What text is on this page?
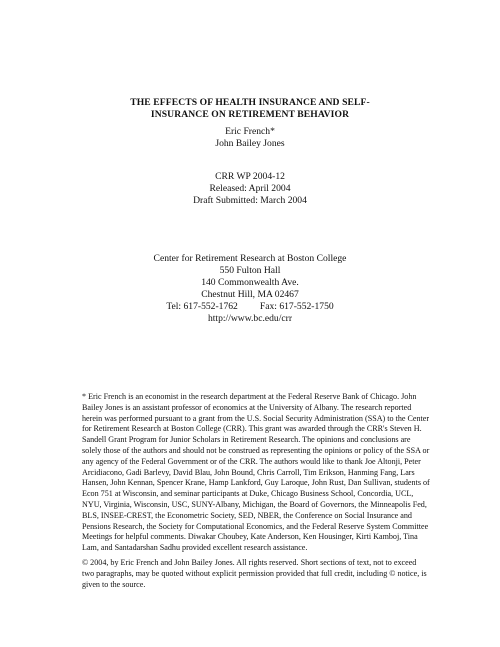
THE EFFECTS OF HEALTH INSURANCE AND SELF-
INSURANCE ON RETIREMENT BEHAVIOR
Eric French*
John Bailey Jones
CRR WP 2004-12
Released: April 2004
Draft Submitted: March 2004
Center for Retirement Research at Boston College
550 Fulton Hall
140 Commonwealth Ave.
Chestnut Hill, MA 02467
Tel: 617-552-1762 Fax: 617-552-1750
http://www.bc.edu/crr
* Eric French is an economist in the research department at the Federal Reserve Bank of Chicago. John
Bailey Jones is an assistant professor of economics at the University of Albany. The research reported
herein was performed pursuant to a grant from the U.S. Social Security Administration (SSA) to the Center
for Retirement Research at Boston College (CRR). This grant was awarded through the CRR's Steven H.
Sandell Grant Program for Junior Scholars in Retirement Research. The opinions and conclusions are
solely those of the authors and should not be construed as representing the opinions or policy of the SSA or
any agency of the Federal Government or of the CRR. The authors would like to thank Joe Altonji, Peter
Arcidiacono, Gadi Barlevy, David Blau, John Bound, Chris Carroll, Tim Erikson, Hanming Fang, Lars
Hansen, John Kennan, Spencer Krane, Hamp Lankford, Guy Laroque, John Rust, Dan Sullivan, students of
Econ 751 at Wisconsin, and seminar participants at Duke, Chicago Business School, Concordia, UCL,
NYU, Virginia, Wisconsin, USC, SUNY-Albany, Michigan, the Board of Governors, the Minneapolis Fed,
BLS, INSEE-CREST, the Econometric Society, SED, NBER, the Conference on Social Insurance and
Pensions Research, the Society for Computational Economics, and the Federal Reserve System Committee
Meetings for helpful comments. Diwakar Choubey, Kate Anderson, Ken Housinger, Kirti Kamboj, Tina
Lam, and Santadarshan Sadhu provided excellent research assistance.
© 2004, by Eric French and John Bailey Jones. All rights reserved. Short sections of text, not to exceed
two paragraphs, may be quoted without explicit permission provided that full credit, including © notice, is
given to the source.
